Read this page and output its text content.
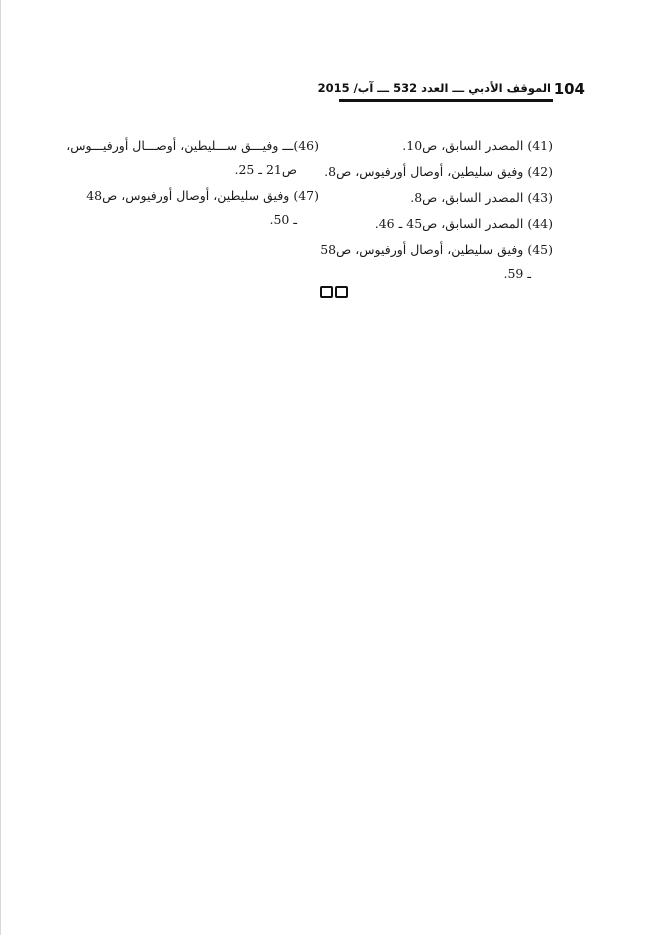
104
الموقف الأدبي ـــ العدد 532 ـــ آب/ 2015
(41) المصدر السابق، ص10.
(42) وفيق سليطين، أوصال أورفيوس، ص8.
(43) المصدر السابق، ص8.
(44) المصدر السابق، ص45 ـ 46.
(45) وفيق سليطين، أوصال أورفيوس، ص58
ـ 59.
(46)ـــ وفيـــق ســـليطين، أوصـــال أورفيـــوس،
ص21 ـ 25.
(47) وفيق سليطين، أوصال أورفيوس، ص48
ـ 50.
